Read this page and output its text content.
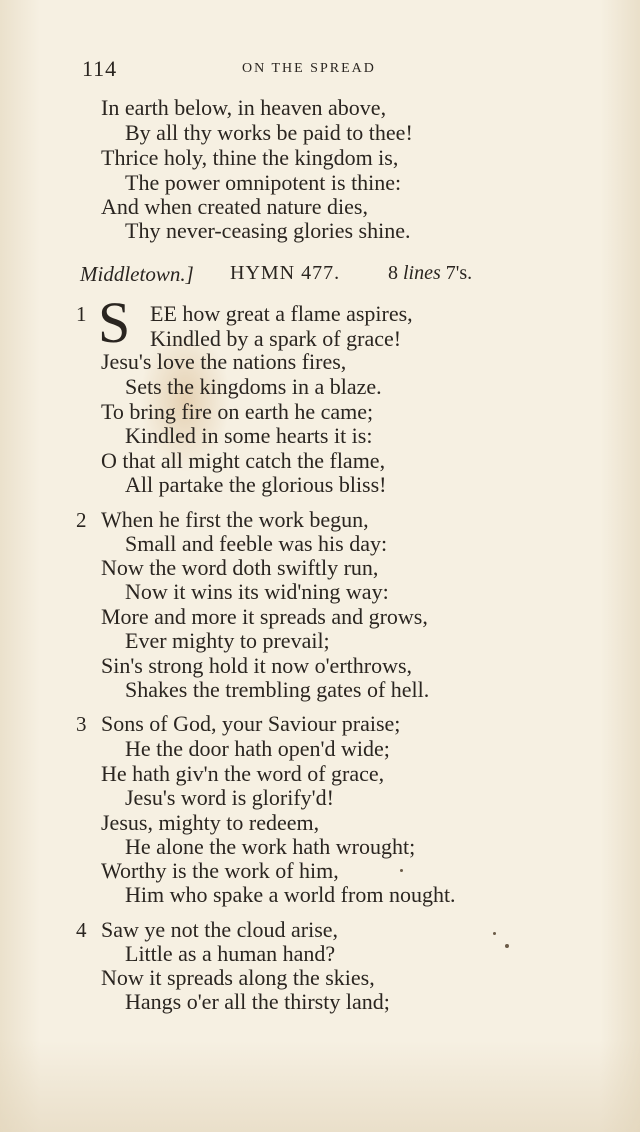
114	ON THE SPREAD
In earth below, in heaven above,
By all thy works be paid to thee!
Thrice holy, thine the kingdom is,
The power omnipotent is thine:
And when created nature dies,
Thy never-ceasing glories shine.
Middletown.] HYMN 477. 8 lines 7's.
1 S EE how great a flame aspires,
Kindled by a spark of grace!
Jesu's love the nations fires,
Sets the kingdoms in a blaze.
To bring fire on earth he came;
Kindled in some hearts it is:
O that all might catch the flame,
All partake the glorious bliss!
2 When he first the work begun,
Small and feeble was his day:
Now the word doth swiftly run,
Now it wins its wid'ning way:
More and more it spreads and grows,
Ever mighty to prevail;
Sin's strong hold it now o'erthrows,
Shakes the trembling gates of hell.
3 Sons of God, your Saviour praise;
He the door hath open'd wide;
He hath giv'n the word of grace,
Jesu's word is glorify'd!
Jesus, mighty to redeem,
He alone the work hath wrought;
Worthy is the work of him,
Him who spake a world from nought.
4 Saw ye not the cloud arise,
Little as a human hand?
Now it spreads along the skies,
Hangs o'er all the thirsty land;
